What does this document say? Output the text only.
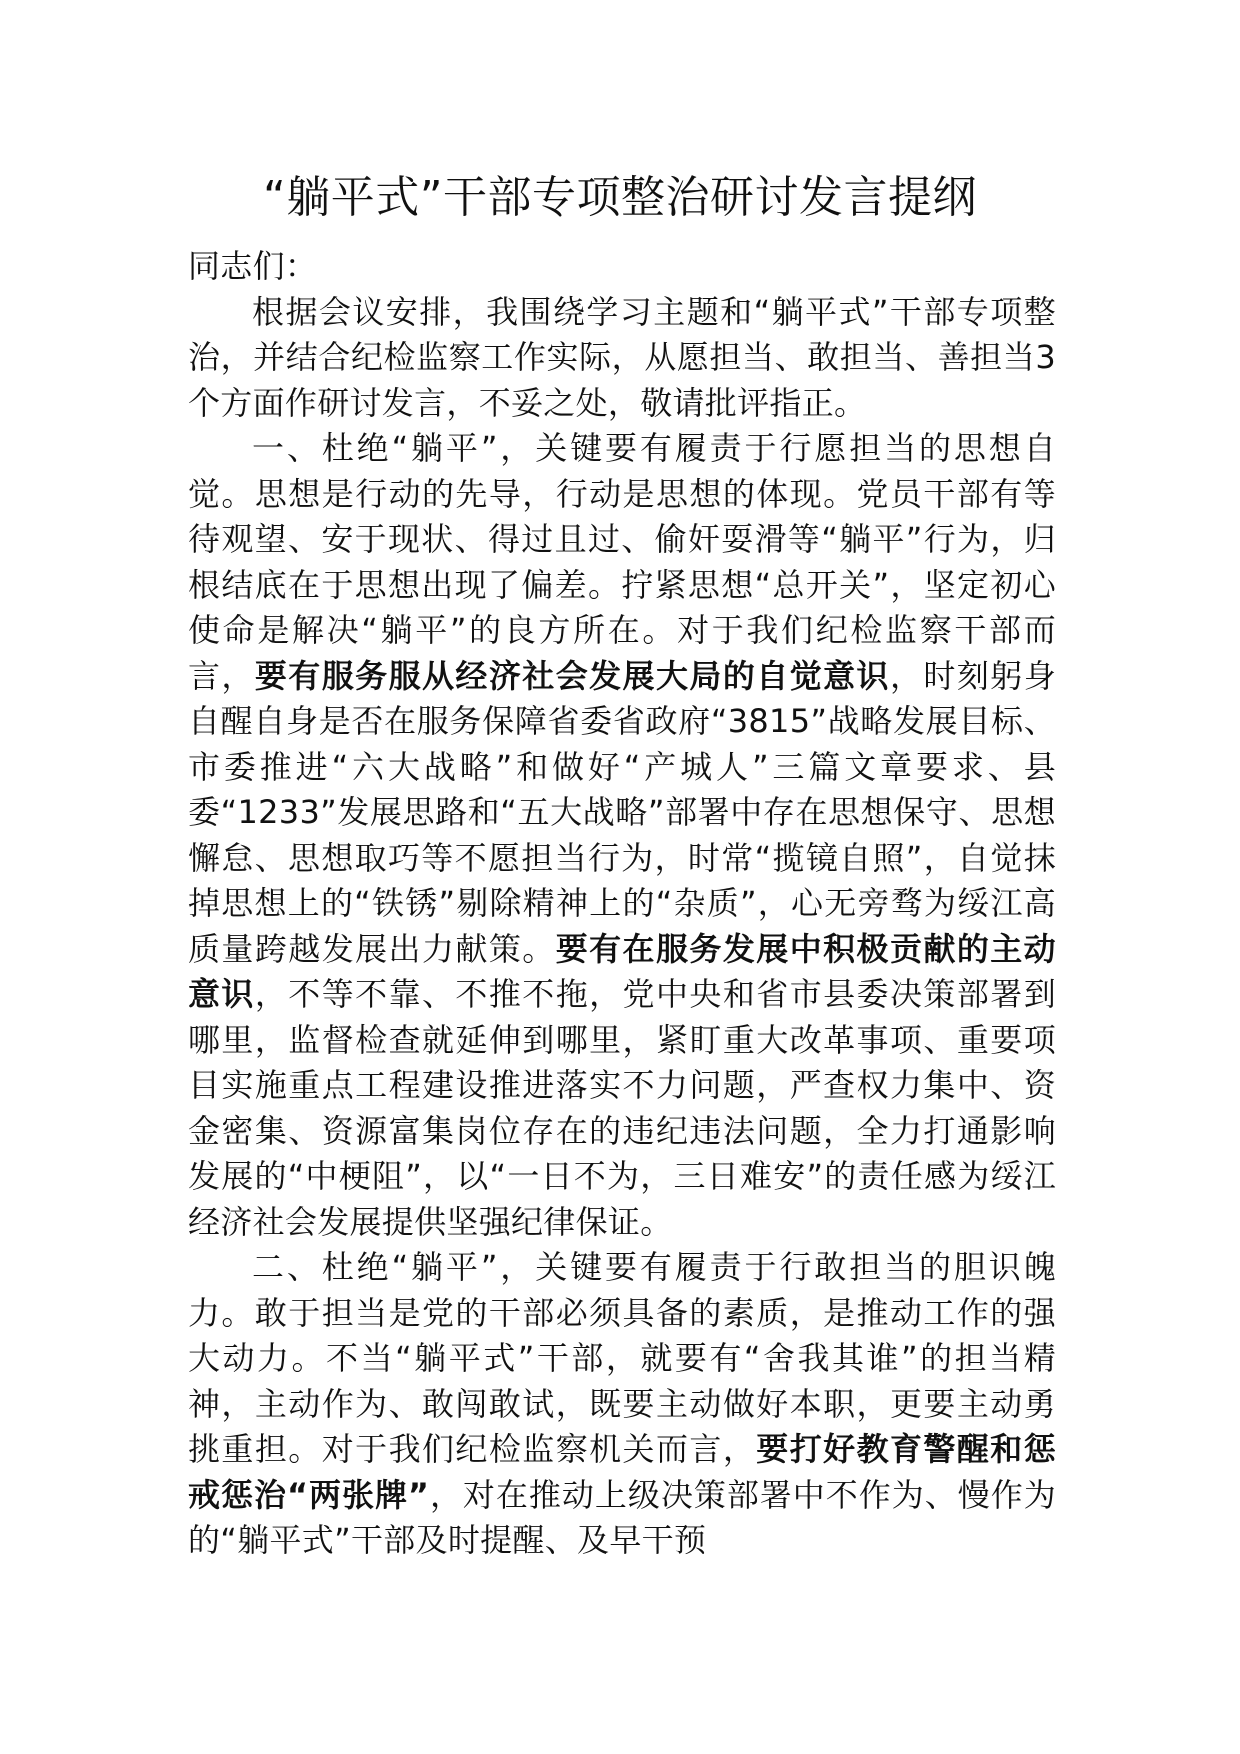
“躺平式”干部专项整治研讨发言提纲

同志们：

根据会议安排，我围绕学习主题和“躺平式”干部专项整治，并结合纪检监察工作实际，从愿担当、敢担当、善担当3个方面作研讨发言，不妥之处，敬请批评指正。

一、杜绝“躺平”，关键要有履责于行愿担当的思想自觉。思想是行动的先导，行动是思想的体现。党员干部有等待观望、安于现状、得过且过、偷奸耍滑等“躺平”行为，归根结底在于思想出现了偏差。拧紧思想“总开关”，坚定初心使命是解决“躺平”的良方所在。对于我们纪检监察干部而言，要有服务服从经济社会发展大局的自觉意识，时刻躬身自醒自身是否在服务保障省委省政府“3815”战略发展目标、市委推进“六大战略”和做好“产城人”三篇文章要求、县委“1233”发展思路和“五大战略”部署中存在思想保守、思想懈怠、思想取巧等不愿担当行为，时常“揽镜自照”，自觉抹掉思想上的“铁锈”剔除精神上的“杂质”，心无旁骛为绥江高质量跨越发展出力献策。要有在服务发展中积极贡献的主动意识，不等不靠、不推不拖，党中央和省市县委决策部署到哪里，监督检查就延伸到哪里，紧盯重大改革事项、重要项目实施重点工程建设推进落实不力问题，严查权力集中、资金密集、资源富集岗位存在的违纪违法问题，全力打通影响发展的“中梗阻”，以“一日不为，三日难安”的责任感为绥江经济社会发展提供坚强纪律保证。

二、杜绝“躺平”，关键要有履责于行敢担当的胆识魄力。敢于担当是党的干部必须具备的素质，是推动工作的强大动力。不当“躺平式”干部，就要有“舍我其谁”的担当精神，主动作为、敢闯敢试，既要主动做好本职，更要主动勇挑重担。对于我们纪检监察机关而言，要打好教育警醒和惩戒惩治“两张牌”，对在推动上级决策部署中不作为、慢作为的“躺平式”干部及时提醒、及早干预
